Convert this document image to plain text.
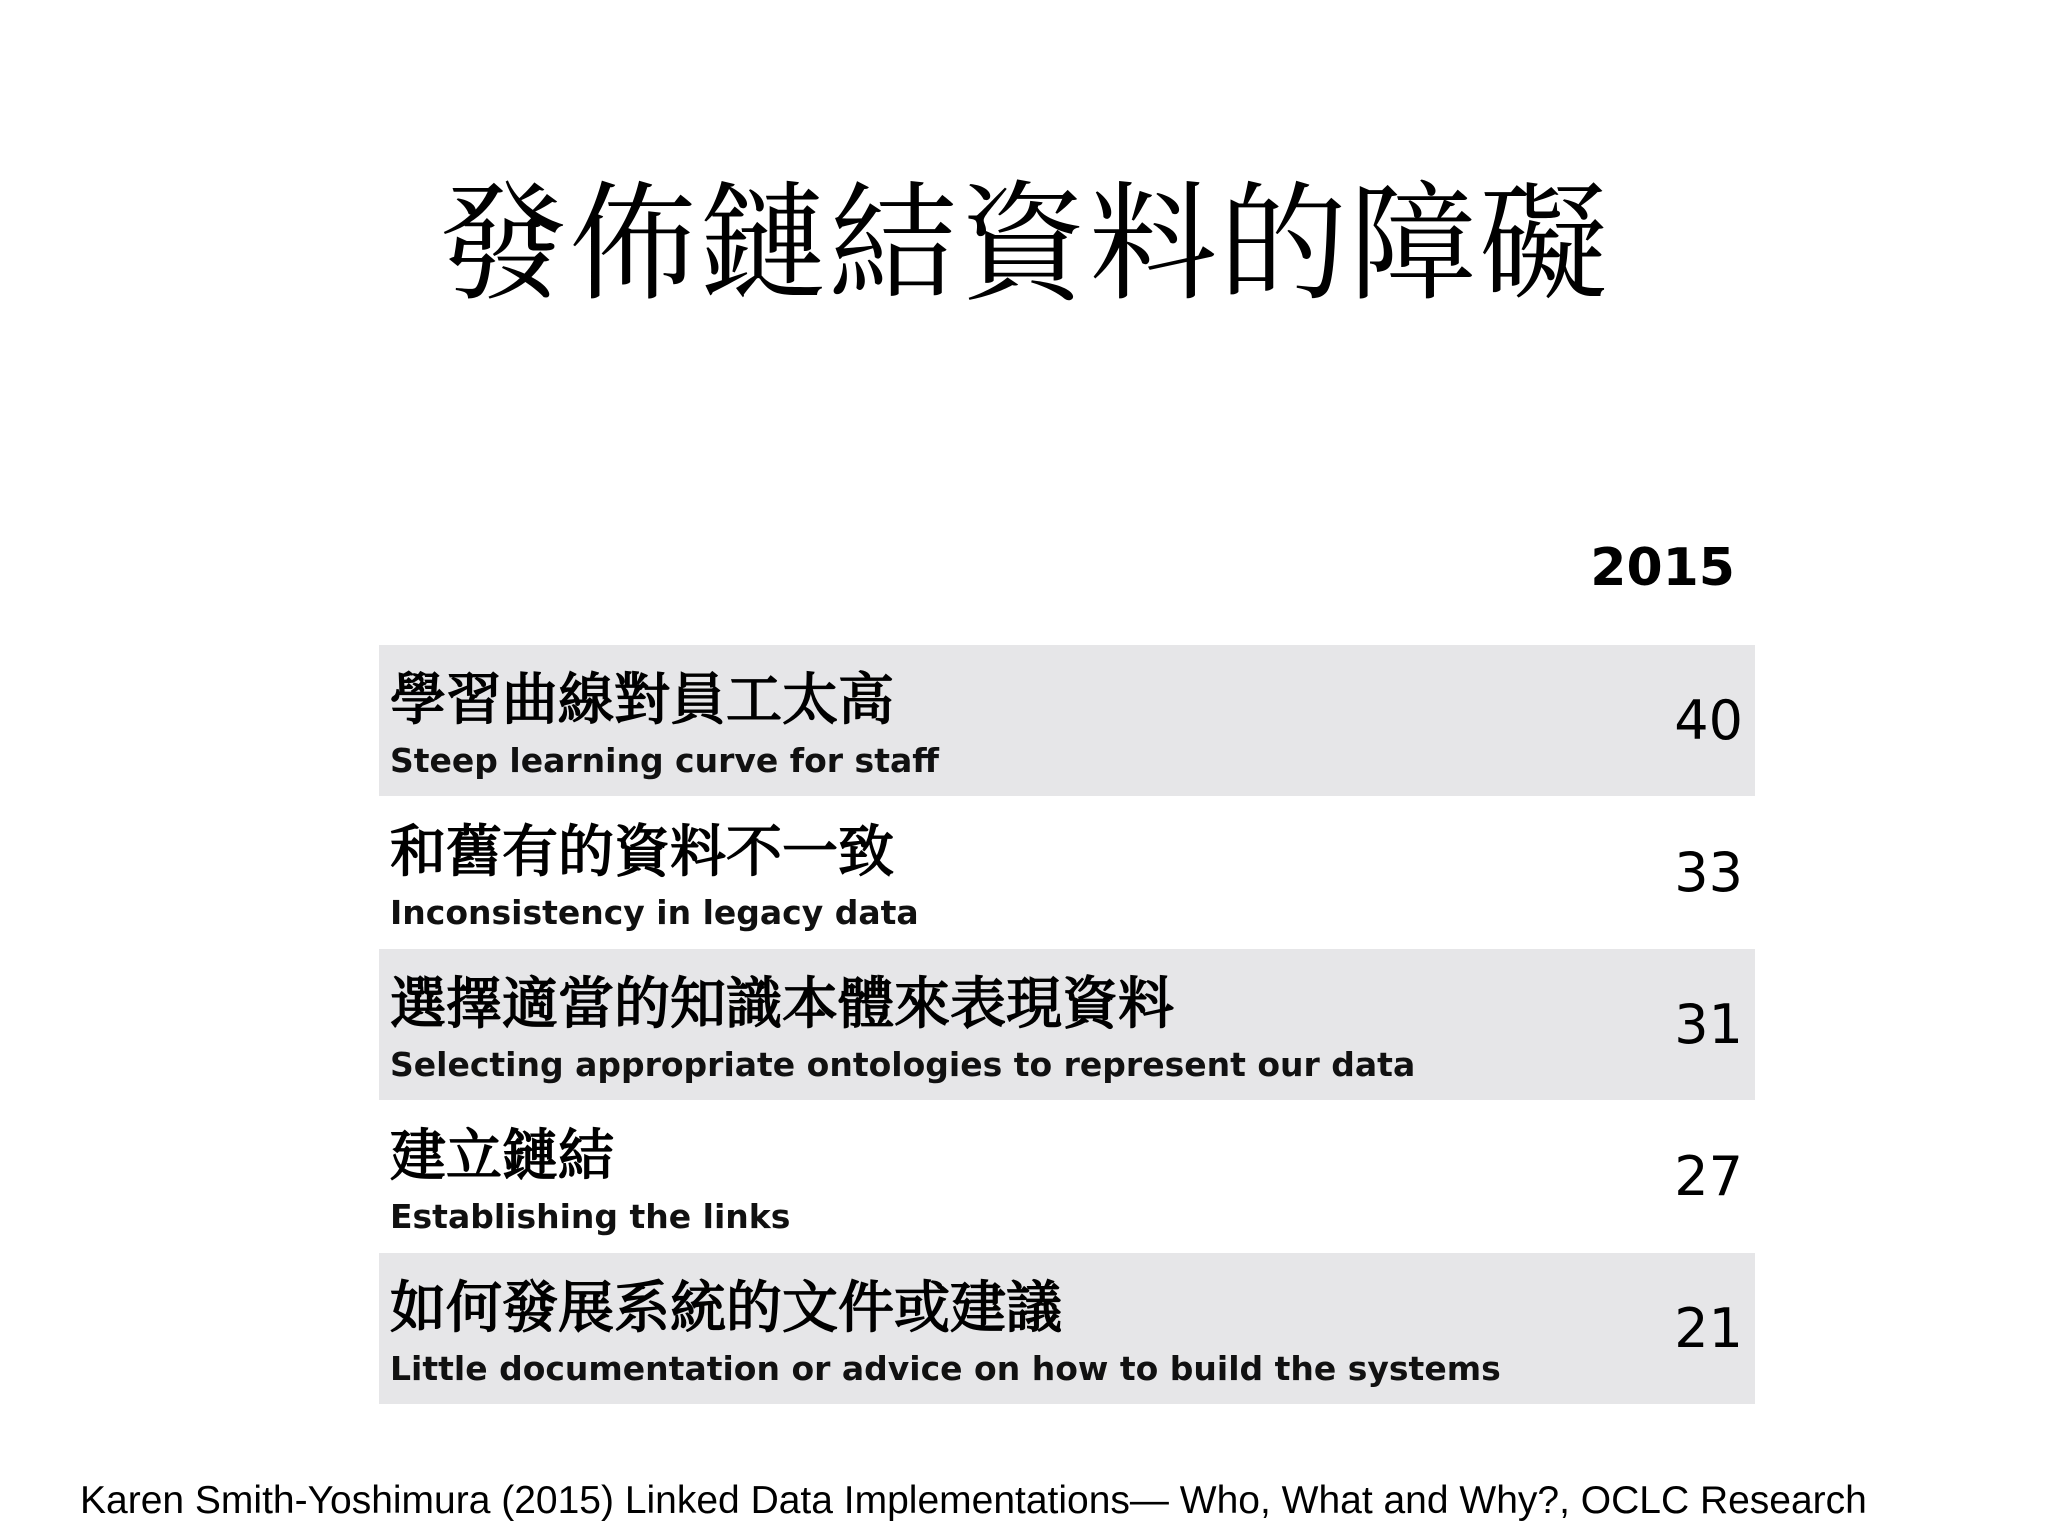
發佈鏈結資料的障礙
2015
學習曲線對員工太高
Steep learning curve for staff
40
和舊有的資料不一致
Inconsistency in legacy data
33
選擇適當的知識本體來表現資料
Selecting appropriate ontologies to represent our data
31
建立鏈結
Establishing the links
27
如何發展系統的文件或建議
Little documentation or advice on how to build the systems
21
Karen Smith-Yoshimura (2015) Linked Data Implementations— Who, What and Why?, OCLC Research
